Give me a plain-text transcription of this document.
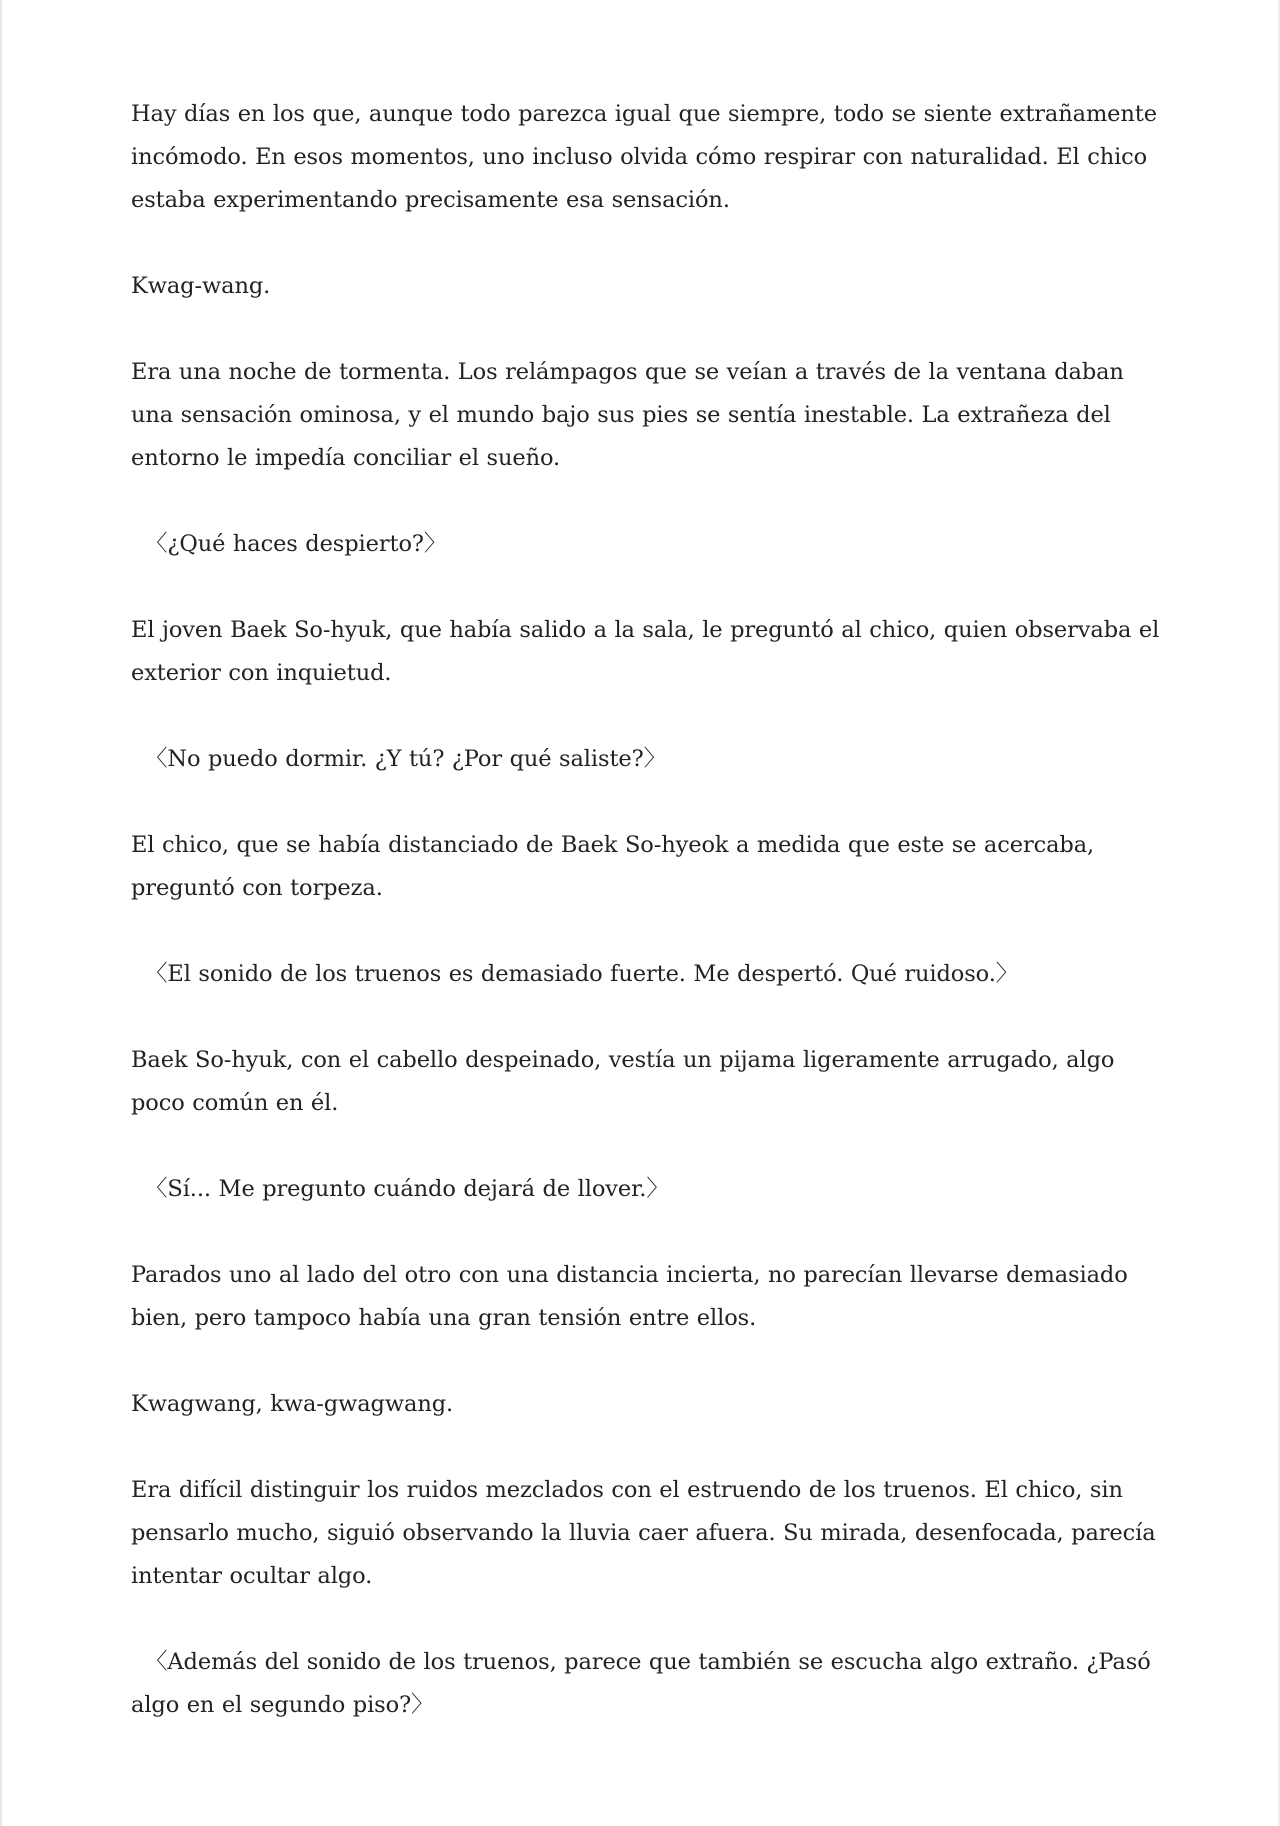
Hay días en los que, aunque todo parezca igual que siempre, todo se siente extrañamente incómodo. En esos momentos, uno incluso olvida cómo respirar con naturalidad. El chico estaba experimentando precisamente esa sensación.

Kwag-wang.

Era una noche de tormenta. Los relámpagos que se veían a través de la ventana daban una sensación ominosa, y el mundo bajo sus pies se sentía inestable. La extrañeza del entorno le impedía conciliar el sueño.

〈¿Qué haces despierto?〉

El joven Baek So-hyuk, que había salido a la sala, le preguntó al chico, quien observaba el exterior con inquietud.

〈No puedo dormir. ¿Y tú? ¿Por qué saliste?〉

El chico, que se había distanciado de Baek So-hyeok a medida que este se acercaba, preguntó con torpeza.

〈El sonido de los truenos es demasiado fuerte. Me despertó. Qué ruidoso.〉

Baek So-hyuk, con el cabello despeinado, vestía un pijama ligeramente arrugado, algo poco común en él.

〈Sí... Me pregunto cuándo dejará de llover.〉

Parados uno al lado del otro con una distancia incierta, no parecían llevarse demasiado bien, pero tampoco había una gran tensión entre ellos.

Kwagwang, kwa-gwagwang.

Era difícil distinguir los ruidos mezclados con el estruendo de los truenos. El chico, sin pensarlo mucho, siguió observando la lluvia caer afuera. Su mirada, desenfocada, parecía intentar ocultar algo.

〈Además del sonido de los truenos, parece que también se escucha algo extraño. ¿Pasó algo en el segundo piso?〉
